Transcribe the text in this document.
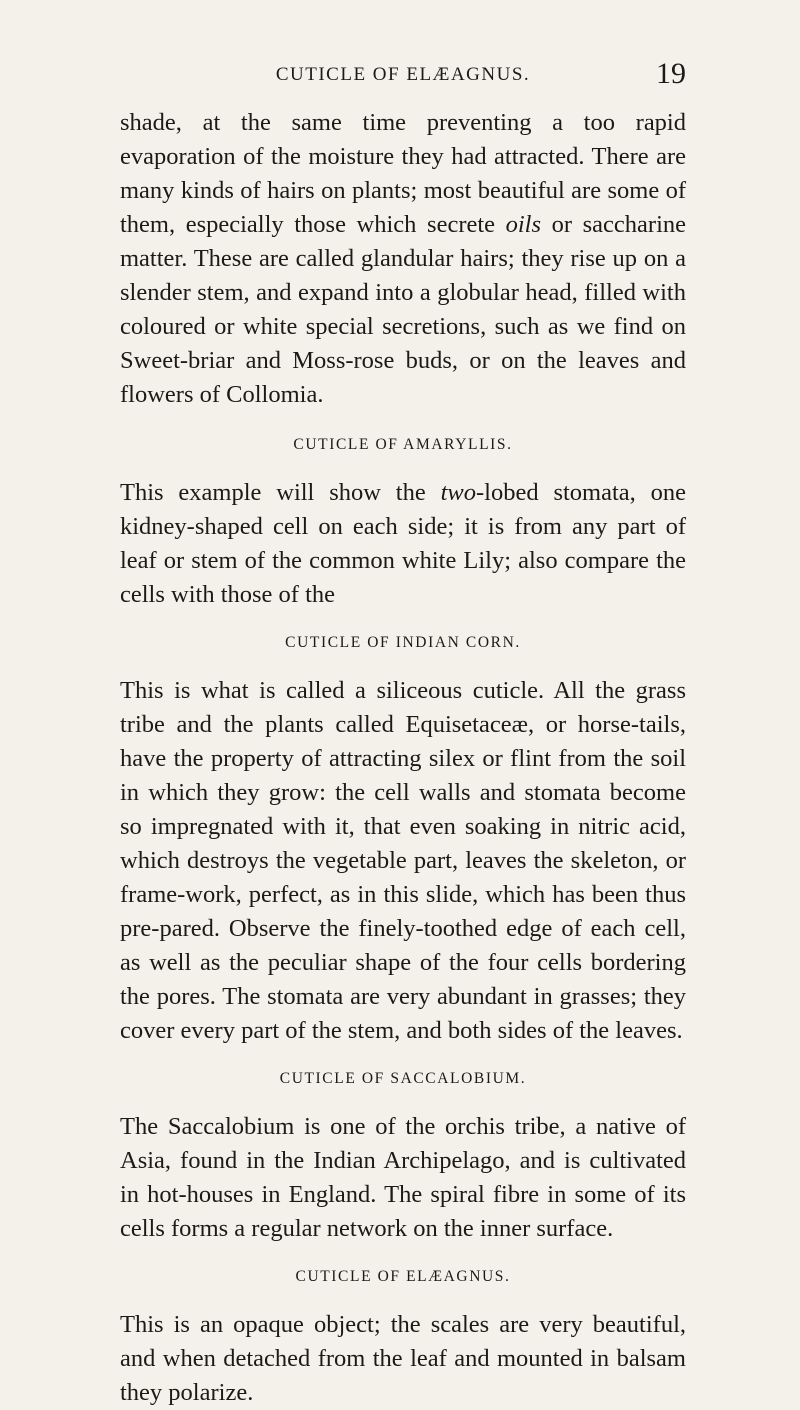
CUTICLE OF ELÆAGNUS.	19

shade, at the same time preventing a too rapid evaporation of the moisture they had attracted. There are many kinds of hairs on plants; most beautiful are some of them, especially those which secrete oils or saccharine matter. These are called glandular hairs; they rise up on a slender stem, and expand into a globular head, filled with coloured or white special secretions, such as we find on Sweet-briar and Moss-rose buds, or on the leaves and flowers of Collomia.

CUTICLE OF AMARYLLIS.

This example will show the two-lobed stomata, one kidney-shaped cell on each side; it is from any part of leaf or stem of the common white Lily; also compare the cells with those of the

CUTICLE OF INDIAN CORN.

This is what is called a siliceous cuticle. All the grass tribe and the plants called Equisetaceæ, or horse-tails, have the property of attracting silex or flint from the soil in which they grow: the cell walls and stomata become so impregnated with it, that even soaking in nitric acid, which destroys the vegetable part, leaves the skeleton, or frame-work, perfect, as in this slide, which has been thus pre-pared. Observe the finely-toothed edge of each cell, as well as the peculiar shape of the four cells bordering the pores. The stomata are very abundant in grasses; they cover every part of the stem, and both sides of the leaves.

CUTICLE OF SACCALOBIUM.

The Saccalobium is one of the orchis tribe, a native of Asia, found in the Indian Archipelago, and is cultivated in hot-houses in England. The spiral fibre in some of its cells forms a regular network on the inner surface.

CUTICLE OF ELÆAGNUS.

This is an opaque object; the scales are very beautiful, and when detached from the leaf and mounted in balsam they polarize.
